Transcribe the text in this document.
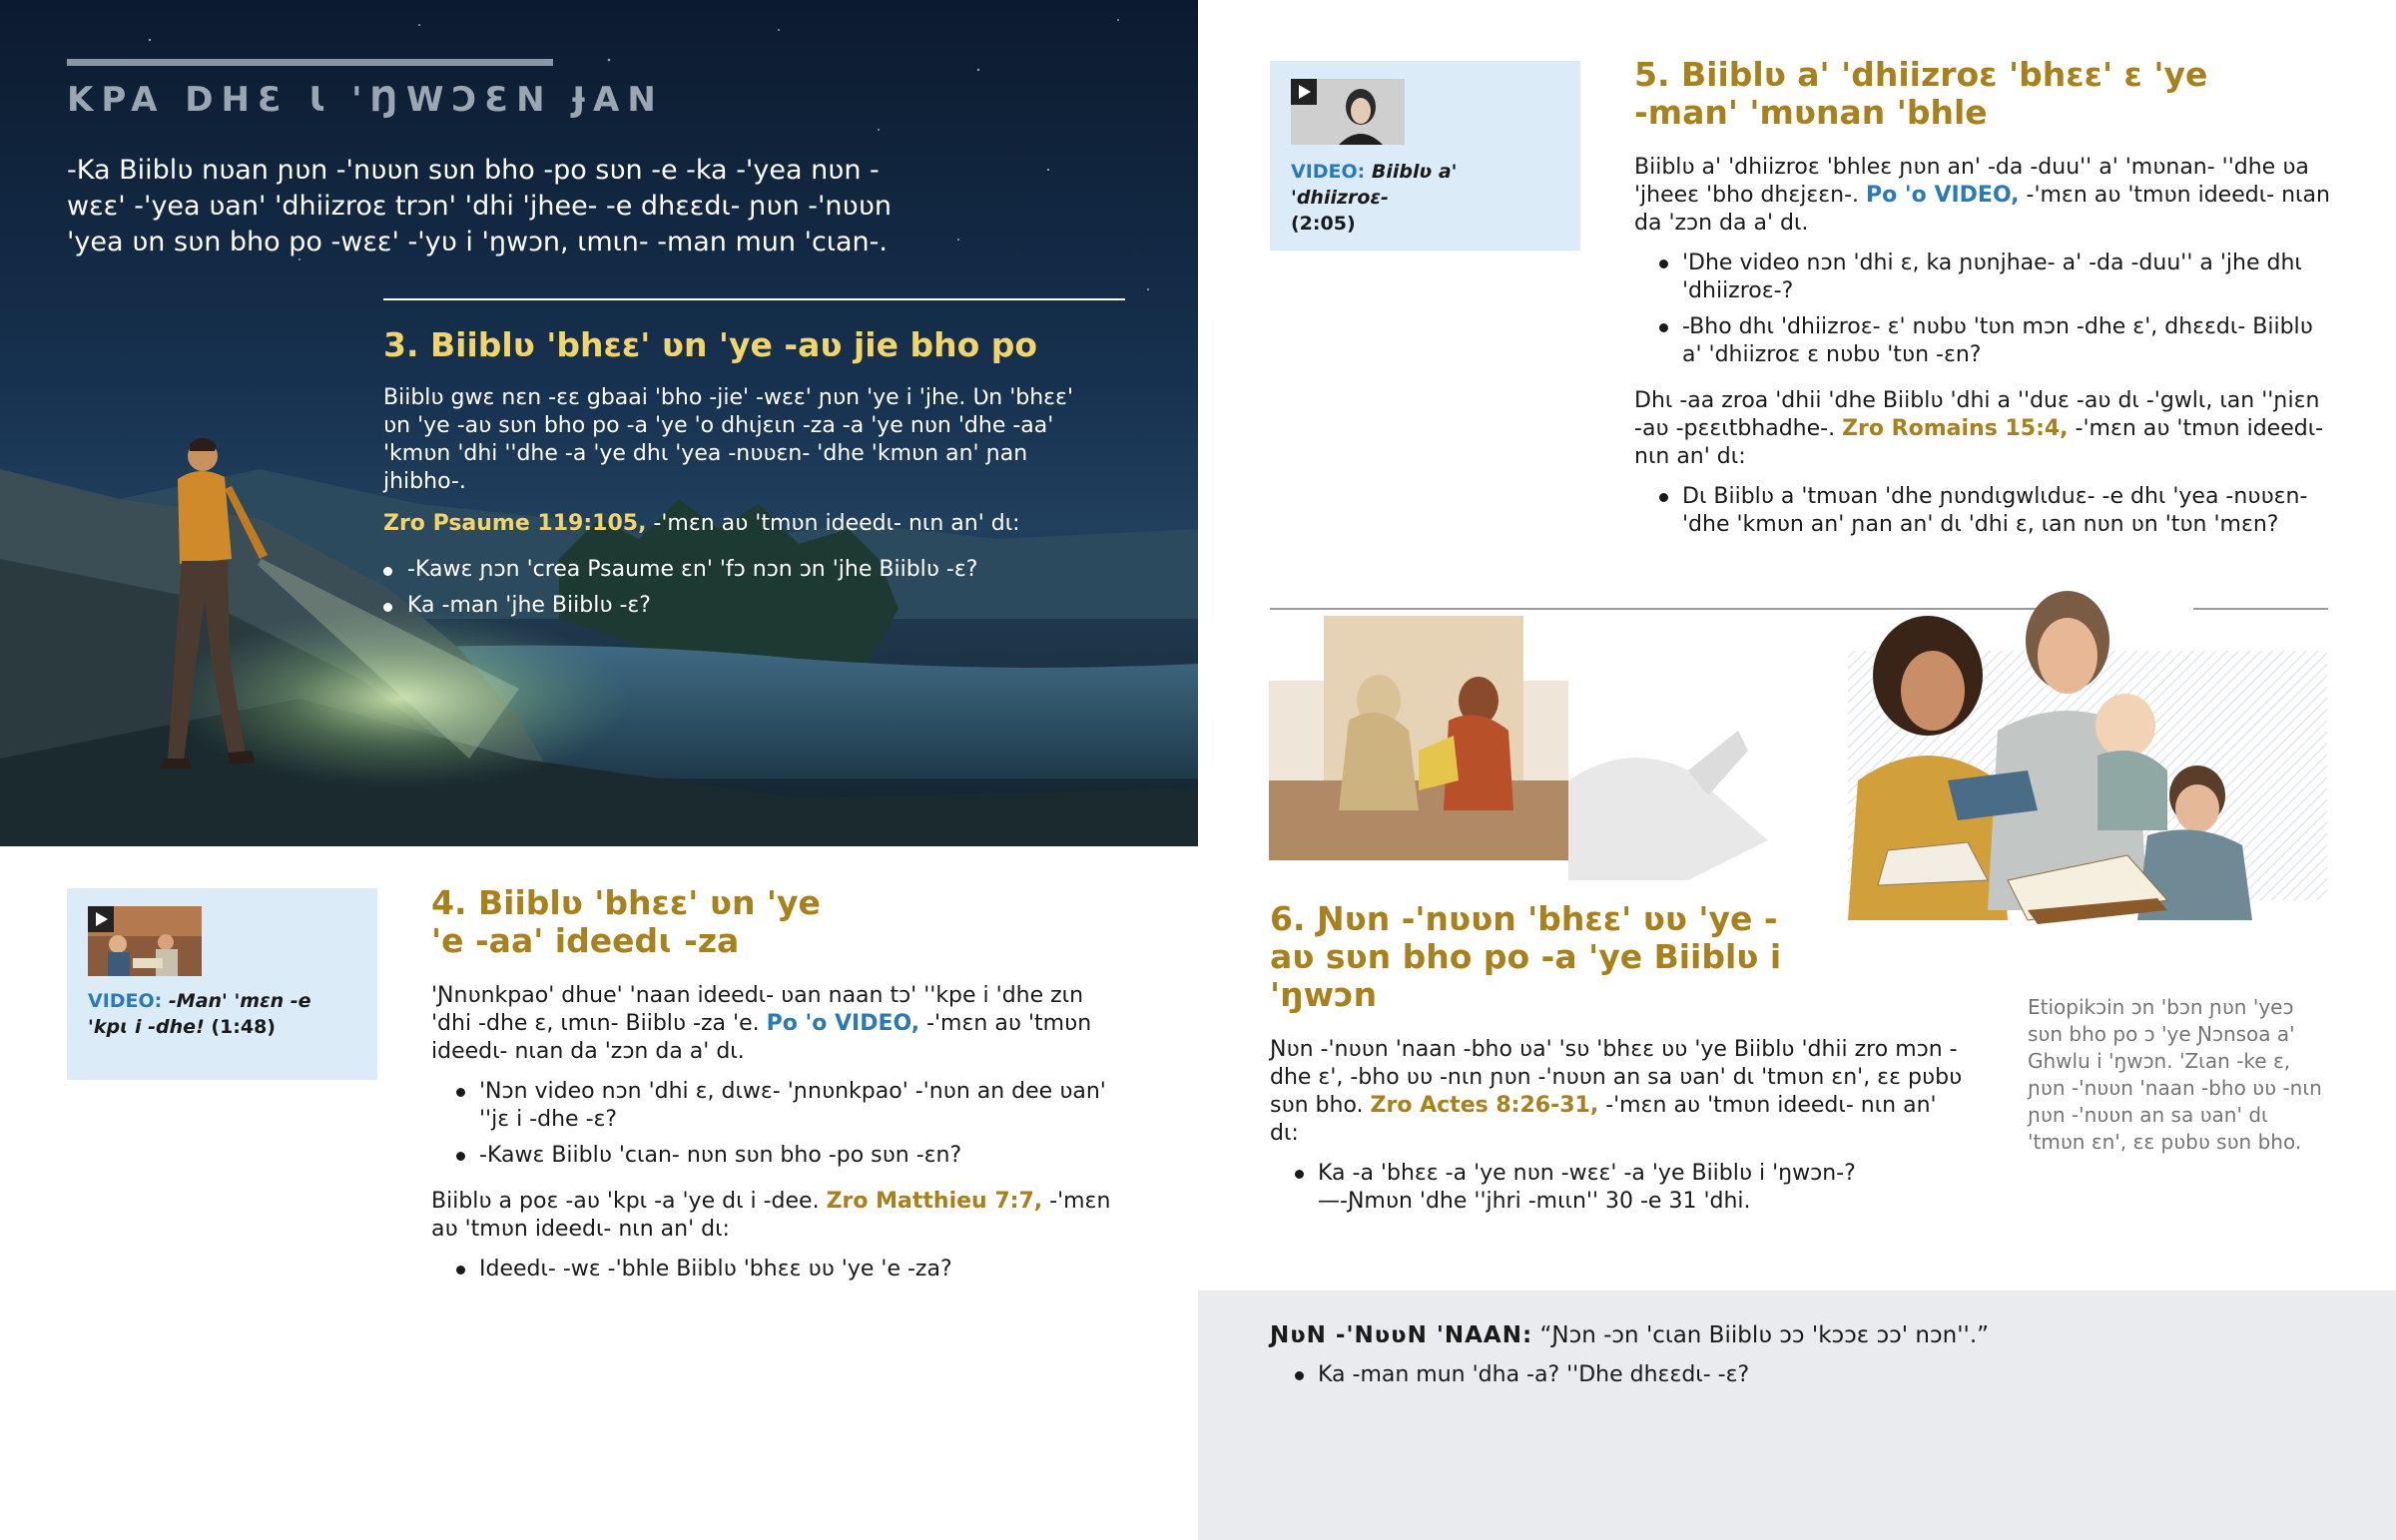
KPA DHƐ Ɩ 'ŊWƆƐN ɈAN
-Ka Biiblʋ nʋan ɲʋn -'nʋʋn sʋn bho -po sʋn -e -ka -'yea nʋn -wɛɛ' -'yea ʋan' 'dhiizroɛ trɔn' 'dhi 'jhee- -e dhɛɛdɩ- ɲʋn -'nʋʋn 'yea ʋn sʋn bho po -wɛɛ' -'yʋ i 'ŋwɔn, ɩmɩn- -man mun 'cɩan-.
3. Biiblʋ 'bhɛɛ' ʋn 'ye -aʋ jie bho po

Biiblʋ gwɛ nɛn -ɛɛ gbaai 'bho -jie' -wɛɛ' ɲʋn 'ye i 'jhe. Ʋn 'bhɛɛ' ʋn 'ye -aʋ sʋn bho po -a 'ye 'o dhɩjɛɩn -za -a 'ye nʋn 'dhe -aa' 'kmʋn 'dhi ''dhe -a 'ye dhɩ 'yea -nʋʋɛn- 'dhe 'kmʋn an' ɲan jhibho-.

Zro Psaume 119:105, -'mɛn aʋ 'tmʋn ideedɩ- nɩn an' dɩ:

-Kawɛ ɲɔn 'crea Psaume ɛn' 'fɔ nɔn ɔn 'jhe Biiblʋ -ɛ?
Ka -man 'jhe Biiblʋ -ɛ?
VIDEO: -Man' 'mɛn -e 'kpɩ i -dhe! (1:48)
4. Biiblʋ 'bhɛɛ' ʋn 'ye 'e -aa' ideedɩ -za

'Ɲnʋnkpao' dhue' 'naan ideedɩ- ʋan naan tɔ' ''kpe i 'dhe zɩn 'dhi -dhe ɛ, ɩmɩn- Biiblʋ -za 'e. Po 'o VIDEO, -'mɛn aʋ 'tmʋn ideedɩ- nɩan da 'zɔn da a' dɩ.

'Nɔn video nɔn 'dhi ɛ, dɩwɛ- 'ɲnʋnkpao' -'nʋn an dee ʋan' ''jɛ i -dhe -ɛ?
-Kawɛ Biiblʋ 'cɩan- nʋn sʋn bho -po sʋn -ɛn?

Biiblʋ a poɛ -aʋ 'kpɩ -a 'ye dɩ i -dee. Zro Matthieu 7:7, -'mɛn aʋ 'tmʋn ideedɩ- nɩn an' dɩ:

Ideedɩ- -wɛ -'bhle Biiblʋ 'bhɛɛ ʋʋ 'ye 'e -za?
VIDEO: Biiblʋ a' 'dhiizroɛ-
(2:05)
5. Biiblʋ a' 'dhiizroɛ 'bhɛɛ' ɛ 'ye -man' 'mʋnan 'bhle

Biiblʋ a' 'dhiizroɛ 'bhleɛ ɲʋn an' -da -duu'' a' 'mʋnan- ''dhe ʋa 'jheeɛ 'bho dhɛjɛɛn-. Po 'o VIDEO, -'mɛn aʋ 'tmʋn ideedɩ- nɩan da 'zɔn da a' dɩ.

'Dhe video nɔn 'dhi ɛ, ka ɲʋnjhae- a' -da -duu'' a 'jhe dhɩ 'dhiizroɛ-?
-Bho dhɩ 'dhiizroɛ- ɛ' nʋbʋ 'tʋn mɔn -dhe ɛ', dhɛɛdɩ- Biiblʋ a' 'dhiizroɛ ɛ nʋbʋ 'tʋn -ɛn?

Dhɩ -aa zroa 'dhii 'dhe Biiblʋ 'dhi a ''duɛ -aʋ dɩ -'gwlɩ, ɩan ''ɲiɛn -aʋ -pɛɛɩtbhadhe-. Zro Romains 15:4, -'mɛn aʋ 'tmʋn ideedɩ- nɩn an' dɩ:

Dɩ Biiblʋ a 'tmʋan 'dhe ɲʋndɩgwlɩduɛ- -e dhɩ 'yea -nʋʋɛn- 'dhe 'kmʋn an' ɲan an' dɩ 'dhi ɛ, ɩan nʋn ʋn 'tʋn 'mɛn?
6. Ɲʋn -'nʋʋn 'bhɛɛ' ʋʋ 'ye -aʋ sʋn bho po -a 'ye Biiblʋ i 'ŋwɔn

Ɲʋn -'nʋʋn 'naan -bho ʋa' 'sʋ 'bhɛɛ ʋʋ 'ye Biiblʋ 'dhii zro mɔn -dhe ɛ', -bho ʋʋ -nɩn ɲʋn -'nʋʋn an sa ʋan' dɩ 'tmʋn ɛn', ɛɛ pʋbʋ sʋn bho. Zro Actes 8:26-31, -'mɛn aʋ 'tmʋn ideedɩ- nɩn an' dɩ:

Ka -a 'bhɛɛ -a 'ye nʋn -wɛɛ' -a 'ye Biiblʋ i 'ŋwɔn-?
—-Ɲmʋn 'dhe ''jhri -mɩɩn'' 30 -e 31 'dhi.
Etiopikɔin ɔn 'bɔn ɲʋn 'yeɔ sʋn bho po ɔ 'ye Ɲɔnsoa a' Ghwlu i 'ŋwɔn. 'Zɩan -ke ɛ, ɲʋn -'nʋʋn 'naan -bho ʋʋ -nɩn ɲʋn -'nʋʋn an sa ʋan' dɩ 'tmʋn ɛn', ɛɛ pʋbʋ sʋn bho.

ƝʋN -'NʋʋN 'NAAN: “Ɲɔn -ɔn 'cɩan Biiblʋ ɔɔ 'kɔɔɛ ɔɔ' nɔn''.”

Ka -man mun 'dha -a? ''Dhe dhɛɛdɩ- -ɛ?
